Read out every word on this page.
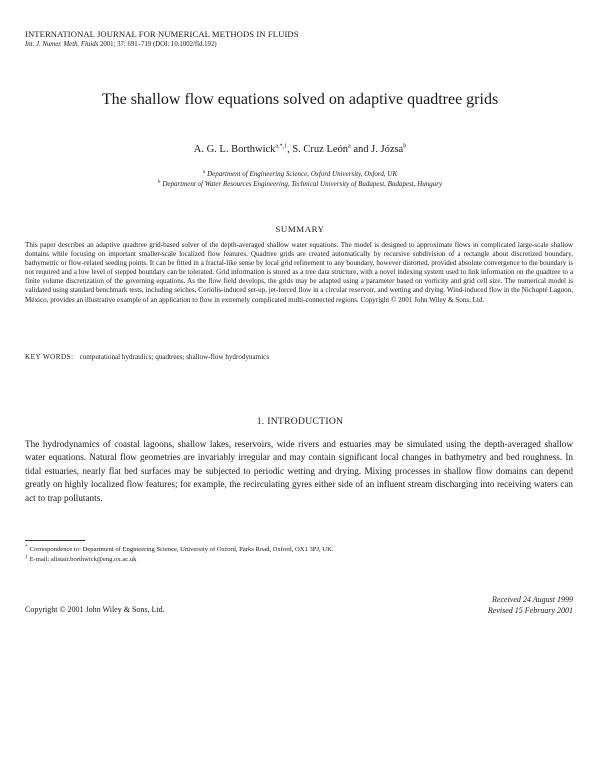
INTERNATIONAL JOURNAL FOR NUMERICAL METHODS IN FLUIDS
Int. J. Numer. Meth. Fluids 2001; 37: 691–719 (DOI: 10.1002/fld.192)
The shallow flow equations solved on adaptive quadtree grids
A. G. L. Borthwick$^{a,*,1}$, S. Cruz León$^a$ and J. Józsa$^b$
$^a$ Department of Engineering Science, Oxford University, Oxford, UK
$^b$ Department of Water Resources Engineering, Technical University of Budapest, Budapest, Hungary
SUMMARY

This paper describes an adaptive quadtree grid-based solver of the depth-averaged shallow water equations. The model is designed to approximate flows in complicated large-scale shallow domains while focusing on important smaller-scale localized flow features. Quadtree grids are created automatically by recursive subdivision of a rectangle about discretized boundary, bathymetric or flow-related seeding points. It can be fitted in a fractal-like sense by local grid refinement to any boundary, however distorted, provided absolute convergence to the boundary is not required and a low level of stepped boundary can be tolerated. Grid information is stored as a tree data structure, with a novel indexing system used to link information on the quadtree to a finite volume discretization of the governing equations. As the flow field develops, the grids may be adapted using a parameter based on vorticity and grid cell size. The numerical model is validated using standard benchmark tests, including seiches, Coriolis-induced set-up, jet-forced flow in a circular reservoir, and wetting and drying. Wind-induced flow in the Nichupté Lagoon, México, provides an illustrative example of an application to flow in extremely complicated multi-connected regions. Copyright © 2001 John Wiley & Sons, Ltd.

KEY WORDS: computational hydraulics; quadtrees; shallow-flow hydrodynamics
1. INTRODUCTION

The hydrodynamics of coastal lagoons, shallow lakes, reservoirs, wide rivers and estuaries may be simulated using the depth-averaged shallow water equations. Natural flow geometries are invariably irregular and may contain significant local changes in bathymetry and bed roughness. In tidal estuaries, nearly flat bed surfaces may be subjected to periodic wetting and drying. Mixing processes in shallow flow domains can depend greatly on highly localized flow features; for example, the recirculating gyres either side of an influent stream discharging into receiving waters can act to trap pollutants.

* Correspondence to: Department of Engineering Science, University of Oxford, Parks Road, Oxford, OX1 3PJ, UK.
$^1$ E-mail: alistair.borthwick@eng.ox.ac.uk
Copyright © 2001 John Wiley & Sons, Ltd.
Received 24 August 1999
Revised 15 February 2001
